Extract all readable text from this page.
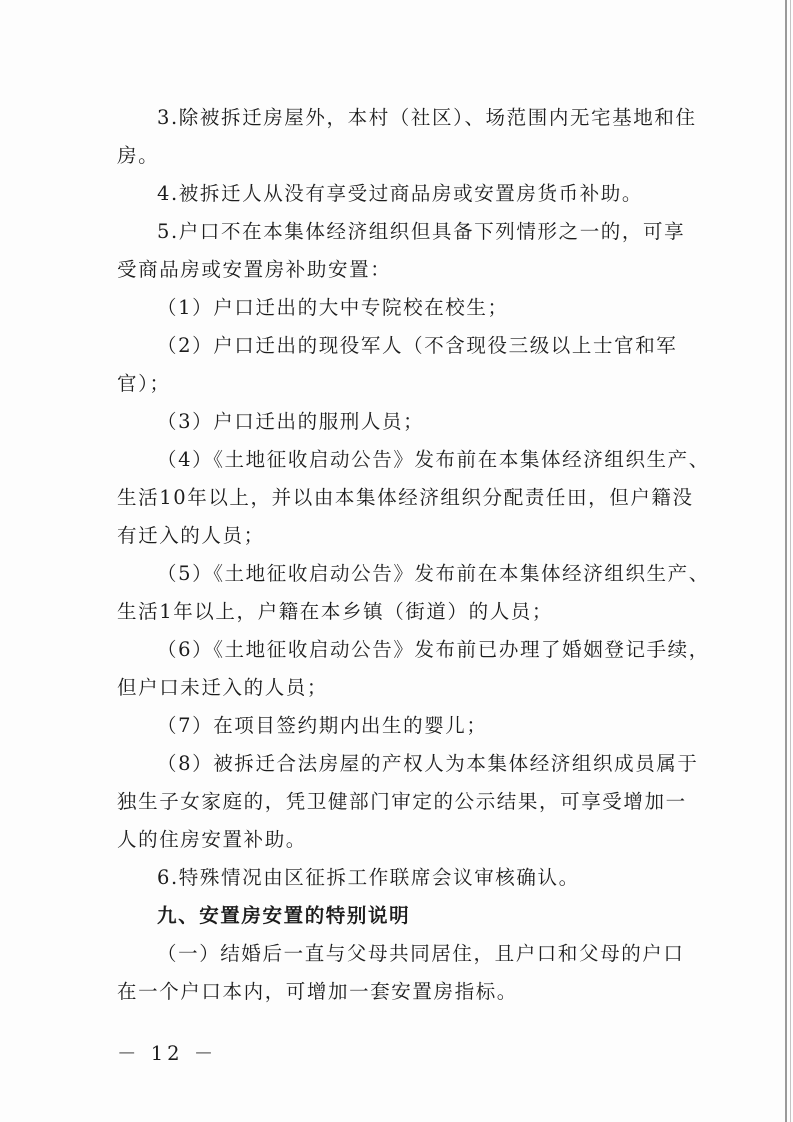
3.除被拆迁房屋外，本村（社区）、场范围内无宅基地和住

房。

4.被拆迁人从没有享受过商品房或安置房货币补助。

5.户口不在本集体经济组织但具备下列情形之一的，可享

受商品房或安置房补助安置：

（1）户口迁出的大中专院校在校生；

（2）户口迁出的现役军人（不含现役三级以上士官和军

官）；

（3）户口迁出的服刑人员；

（4）《土地征收启动公告》发布前在本集体经济组织生产、

生活10年以上，并以由本集体经济组织分配责任田，但户籍没

有迁入的人员；

（5）《土地征收启动公告》发布前在本集体经济组织生产、

生活1年以上，户籍在本乡镇（街道）的人员；

（6）《土地征收启动公告》发布前已办理了婚姻登记手续，

但户口未迁入的人员；

（7）在项目签约期内出生的婴儿；

（8）被拆迁合法房屋的产权人为本集体经济组织成员属于

独生子女家庭的，凭卫健部门审定的公示结果，可享受增加一

人的住房安置补助。

6.特殊情况由区征拆工作联席会议审核确认。

九、安置房安置的特别说明

（一）结婚后一直与父母共同居住，且户口和父母的户口

在一个户口本内，可增加一套安置房指标。

－ 12 －
